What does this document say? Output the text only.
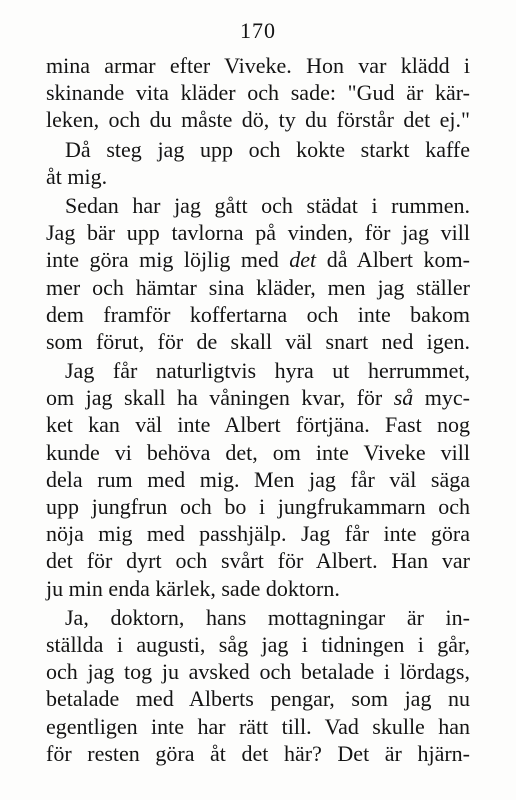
170
mina armar efter Viveke. Hon var klädd i
skinande vita kläder och sade: "Gud är kär-
leken, och du måste dö, ty du förstår det ej."
Då steg jag upp och kokte starkt kaffe
åt mig.
Sedan har jag gått och städat i rummen.
Jag bär upp tavlorna på vinden, för jag vill
inte göra mig löjlig med det då Albert kom-
mer och hämtar sina kläder, men jag ställer
dem framför koffertarna och inte bakom
som förut, för de skall väl snart ned igen.
Jag får naturligtvis hyra ut herrummet,
om jag skall ha våningen kvar, för så myc-
ket kan väl inte Albert förtjäna. Fast nog
kunde vi behöva det, om inte Viveke vill
dela rum med mig. Men jag får väl säga
upp jungfrun och bo i jungfrukammarn och
nöja mig med passhjälp. Jag får inte göra
det för dyrt och svårt för Albert. Han var
ju min enda kärlek, sade doktorn.
Ja, doktorn, hans mottagningar är in-
ställda i augusti, såg jag i tidningen i går,
och jag tog ju avsked och betalade i lördags,
betalade med Alberts pengar, som jag nu
egentligen inte har rätt till. Vad skulle han
för resten göra åt det här? Det är hjärn-
